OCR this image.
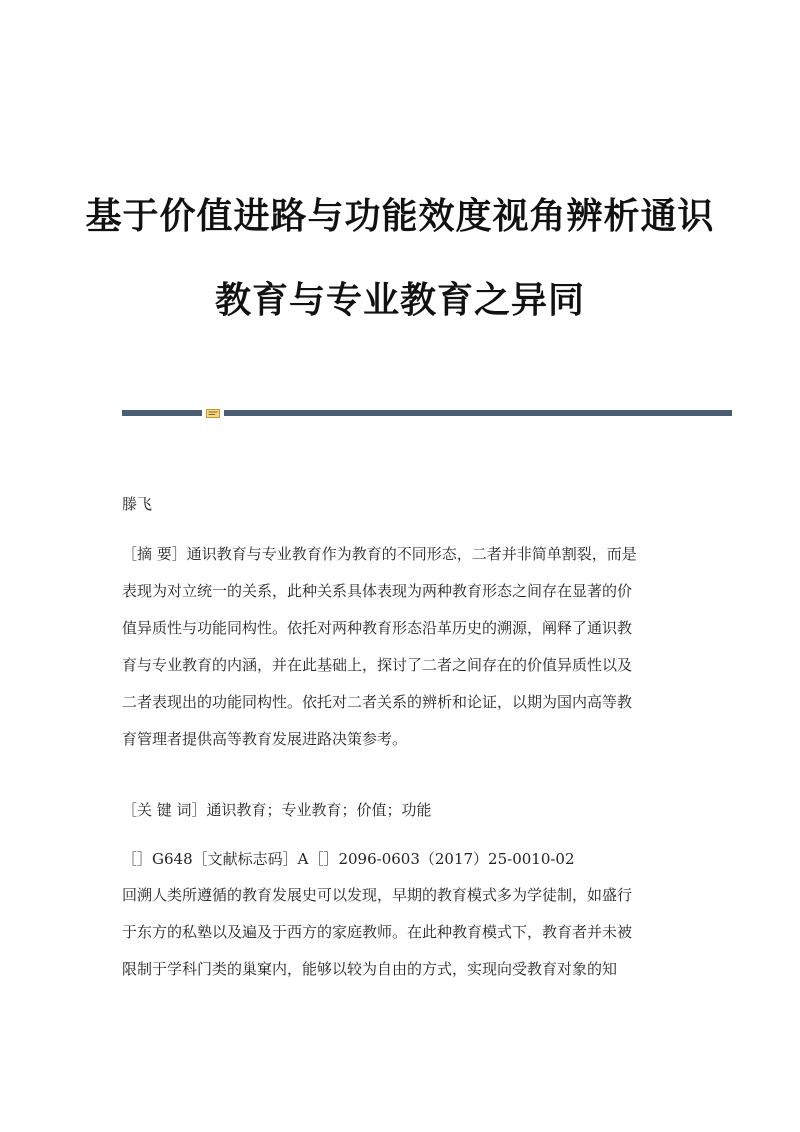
基于价值进路与功能效度视角辨析通识
教育与专业教育之异同
滕飞
［摘 要］通识教育与专业教育作为教育的不同形态，二者并非简单割裂，而是
表现为对立统一的关系，此种关系具体表现为两种教育形态之间存在显著的价
值异质性与功能同构性。依托对两种教育形态沿革历史的溯源，阐释了通识教
育与专业教育的内涵，并在此基础上，探讨了二者之间存在的价值异质性以及
二者表现出的功能同构性。依托对二者关系的辨析和论证，以期为国内高等教
育管理者提供高等教育发展进路决策参考。
［关 键 词］通识教育；专业教育；价值；功能
［］G648［文献标志码］A［］2096-0603（2017）25-0010-02
回溯人类所遵循的教育发展史可以发现，早期的教育模式多为学徒制，如盛行
于东方的私塾以及遍及于西方的家庭教师。在此种教育模式下，教育者并未被
限制于学科门类的巢窠内，能够以较为自由的方式，实现向受教育对象的知
